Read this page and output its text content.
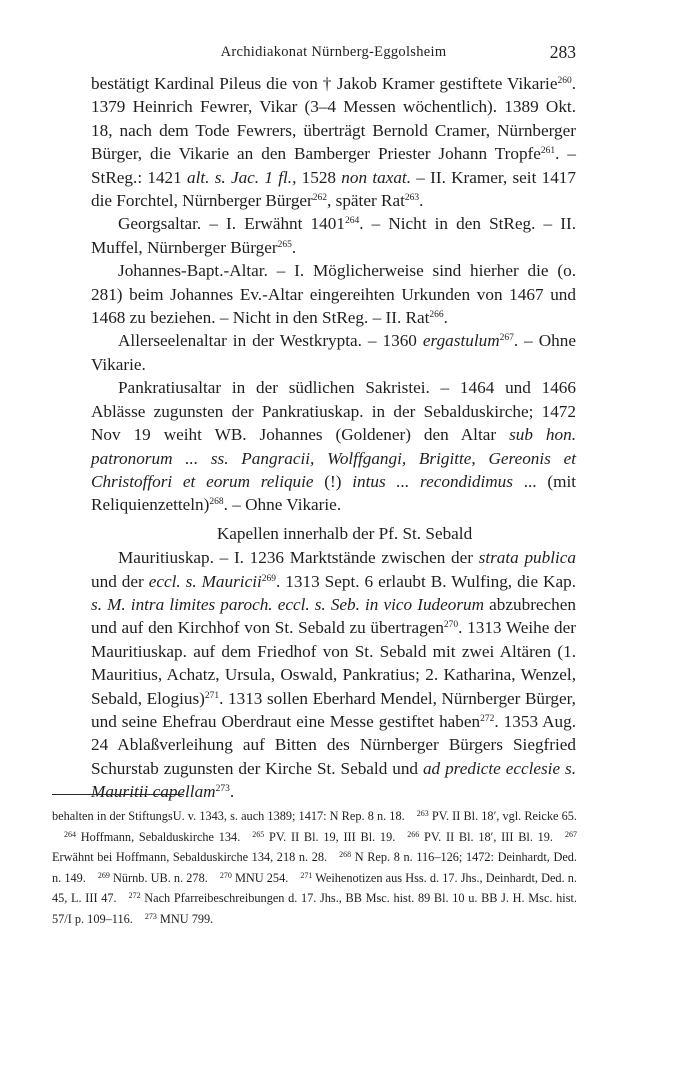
Archidiakonat Nürnberg-Eggolsheim	283

bestätigt Kardinal Pileus die von † Jakob Kramer gestiftete Vikarie$^{260}$. 1379 Heinrich Fewrer, Vikar (3–4 Messen wöchentlich). 1389 Okt. 18, nach dem Tode Fewrers, überträgt Bernold Cramer, Nürnberger Bürger, die Vikarie an den Bamberger Priester Johann Tropfe$^{261}$. – StReg.: 1421 alt. s. Jac. 1 fl., 1528 non taxat. – II. Kramer, seit 1417 die Forchtel, Nürnberger Bürger$^{262}$, später Rat$^{263}$.

Georgsaltar. – I. Erwähnt 1401$^{264}$. – Nicht in den StReg. – II. Muffel, Nürnberger Bürger$^{265}$.

Johannes-Bapt.-Altar. – I. Möglicherweise sind hierher die (o. 281) beim Johannes Ev.-Altar eingereihten Urkunden von 1467 und 1468 zu beziehen. – Nicht in den StReg. – II. Rat$^{266}$.

Allerseelenaltar in der Westkrypta. – 1360 ergastulum$^{267}$. – Ohne Vikarie.

Pankratiusaltar in der südlichen Sakristei. – 1464 und 1466 Ablässe zugunsten der Pankratiuskap. in der Sebalduskirche; 1472 Nov 19 weiht WB. Johannes (Goldener) den Altar sub hon. patronorum ... ss. Pangracii, Wolffgangi, Brigitte, Gereonis et Christoffori et eorum reliquie (!) intus ... recondidimus ... (mit Reliquienzetteln)$^{268}$. – Ohne Vikarie.

Kapellen innerhalb der Pf. St. Sebald

Mauritiuskap. – I. 1236 Marktstände zwischen der strata publica und der eccl. s. Mauricii$^{269}$. 1313 Sept. 6 erlaubt B. Wulfing, die Kap. s. M. intra limites paroch. eccl. s. Seb. in vico Iudeorum abzubrechen und auf den Kirchhof von St. Sebald zu übertragen$^{270}$. 1313 Weihe der Mauritiuskap. auf dem Friedhof von St. Sebald mit zwei Altären (1. Mauritius, Achatz, Ursula, Oswald, Pankratius; 2. Katharina, Wenzel, Sebald, Elogius)$^{271}$. 1313 sollen Eberhard Mendel, Nürnberger Bürger, und seine Ehefrau Oberdraut eine Messe gestiftet haben$^{272}$. 1353 Aug. 24 Ablaßverleihung auf Bitten des Nürnberger Bürgers Siegfried Schurstab zugunsten der Kirche St. Sebald und ad predicte ecclesie s. Mauritii capellam$^{273}$.

behalten in der StiftungsU. v. 1343, s. auch 1389; 1417: N Rep. 8 n. 18. $^{263}$ PV. II Bl. 18′, vgl. Reicke 65.$^{264}$ Hoffmann, Sebalduskirche 134. $^{265}$ PV. II Bl. 19, III Bl. 19. $^{266}$ PV. II Bl. 18′, III Bl. 19. $^{267}$ Erwähnt bei Hoffmann, Sebalduskirche 134, 218 n. 28. $^{268}$ N Rep. 8 n. 116–126; 1472: Deinhardt, Ded. n. 149. $^{269}$ Nürnb. UB. n. 278. $^{270}$ MNU 254. $^{271}$ Weihenotizen aus Hss. d. 17. Jhs., Deinhardt, Ded. n. 45, L. III 47. $^{272}$ Nach Pfarreibeschreibungen d. 17. Jhs., BB Msc. hist. 89 Bl. 10 u. BB J. H. Msc. hist. 57/I p. 109–116. $^{273}$ MNU 799.
